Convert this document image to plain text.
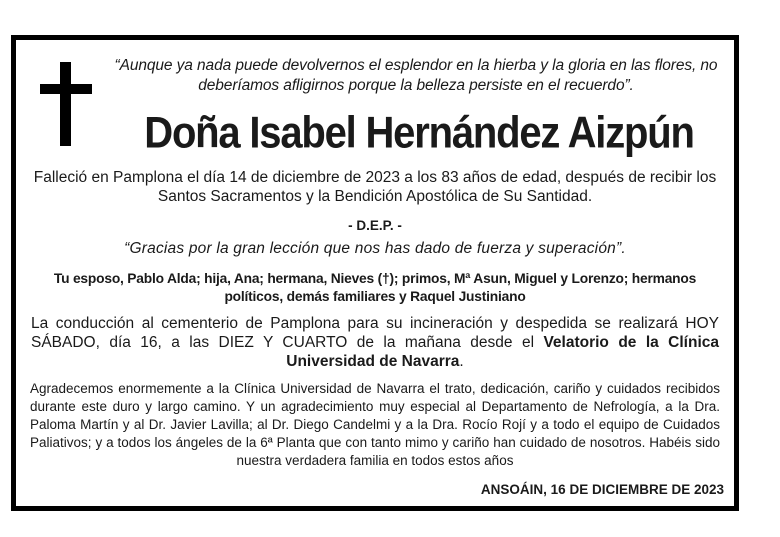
“Aunque ya nada puede devolvernos el esplendor en la hierba y la gloria en las flores, no deberíamos afligirnos porque la belleza persiste en el recuerdo”.
Doña Isabel Hernández Aizpún
Falleció en Pamplona el día 14 de diciembre de 2023 a los 83 años de edad, después de recibir los Santos Sacramentos y la Bendición Apostólica de Su Santidad.
- D.E.P. -
“Gracias por la gran lección que nos has dado de fuerza y superación”.
Tu esposo, Pablo Alda; hija, Ana; hermana, Nieves (†); primos, Mª Asun, Miguel y Lorenzo; hermanos políticos, demás familiares y Raquel Justiniano
La conducción al cementerio de Pamplona para su incineración y despedida se realizará HOY SÁBADO, día 16, a las DIEZ Y CUARTO de la mañana desde el Velatorio de la Clínica Universidad de Navarra.
Agradecemos enormemente a la Clínica Universidad de Navarra el trato, dedicación, cariño y cuidados recibidos durante este duro y largo camino. Y un agradecimiento muy especial al Departamento de Nefrología, a la Dra. Paloma Martín y al Dr. Javier Lavilla; al Dr. Diego Candelmi y a la Dra. Rocío Rojí y a todo el equipo de Cuidados Paliativos; y a todos los ángeles de la 6ª Planta que con tanto mimo y cariño han cuidado de nosotros. Habéis sido nuestra verdadera familia en todos estos años
ANSOÁIN, 16 DE DICIEMBRE DE 2023
